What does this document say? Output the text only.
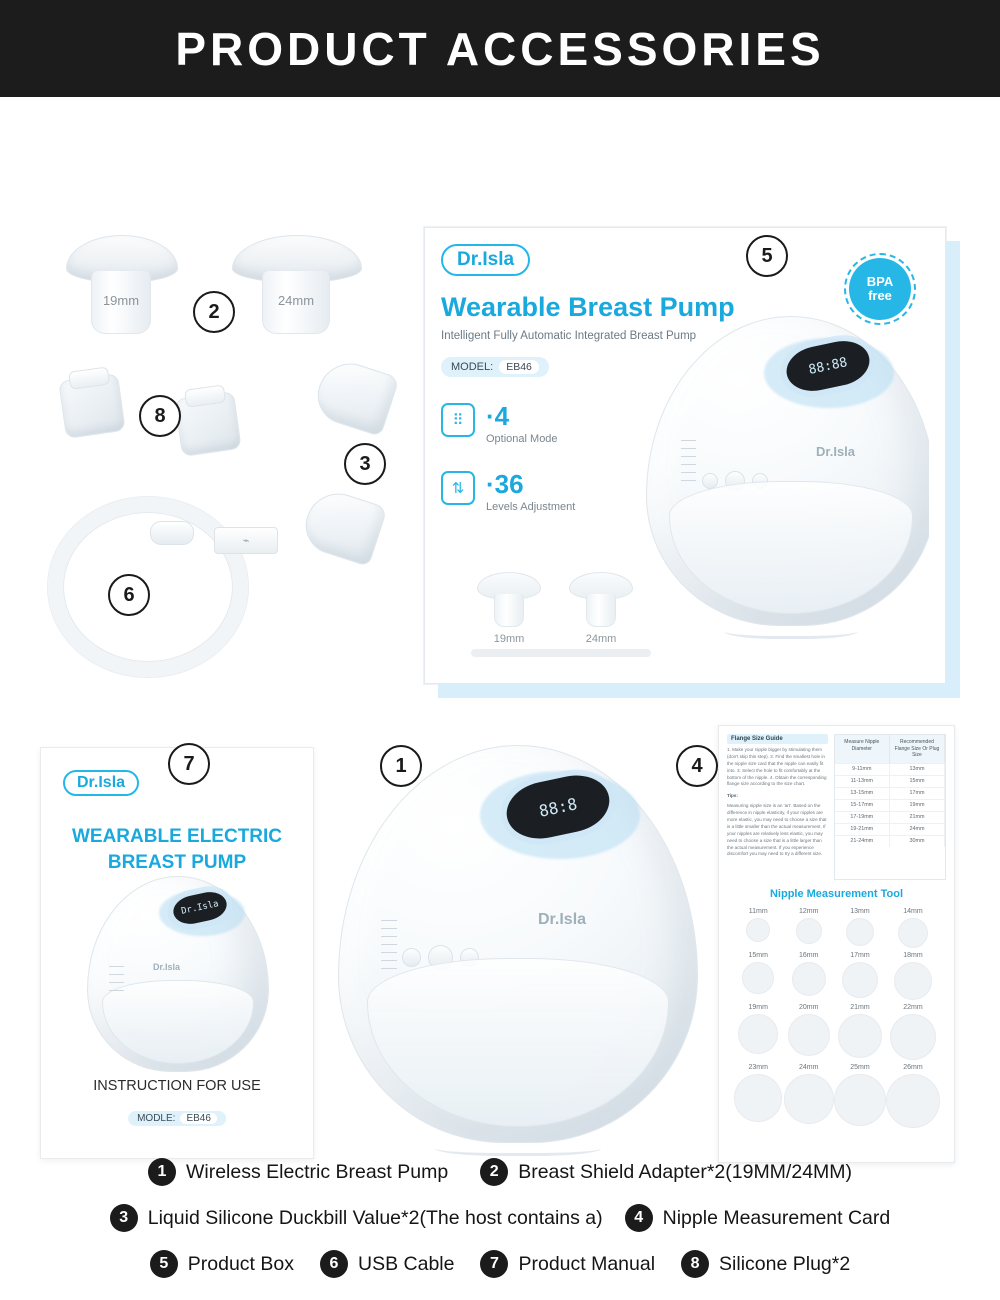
PRODUCT ACCESSORIES
19mm	24mm
2
8
3
⌁
6
5
Dr.Isla
Wearable Breast Pump
Intelligent Fully Automatic Integrated Breast Pump
MODEL:	EB46
⠿ ·4
Optional Mode
⇅ ·36
Levels Adjustment
BPA
free
19mm	24mm
88:88
Dr.Isla
7
Dr.Isla
WEARABLE ELECTRIC
BREAST PUMP
Dr.Isla
Dr.Isla
INSTRUCTION FOR USE
MODLE:	EB46
1
88:8
Dr.Isla
4
Flange Size Guide

1. Make your nipple bigger by stimulating them (don't skip this step). 2. Find the smallest hole in the nipple size card that the nipple can easily fit into. 3. Select the hole to fit comfortably at the bottom of the nipple. 4. Obtain the corresponding flange size according to the size chart.

Tips:

Measuring nipple size is an 'art'. Based on the difference in nipple elasticity, if your nipples are more elastic, you may need to choose a size that is a little smaller than the actual measurement. If your nipples are relatively less elastic, you may need to choose a size that is a little larger than the actual measurement. If you experience discomfort you may need to try a different size.

Measure Nipple Diameter
Recommended Flange Size Or Plug Size
9-11mm	13mm
11-13mm	15mm
13-15mm	17mm
15-17mm	19mm
17-19mm	21mm
19-21mm	24mm
21-24mm	30mm
Nipple Measurement Tool
11mm	12mm	13mm	14mm
15mm	16mm	17mm	18mm
19mm	20mm	21mm	22mm
23mm	24mm	25mm	26mm
1	Wireless Electric Breast Pump	2	Breast Shield Adapter*2(19MM/24MM)
3	Liquid Silicone Duckbill Value*2(The host contains a)	4	Nipple Measurement Card
5	Product Box	6	USB Cable	7	Product Manual	8	Silicone Plug*2
